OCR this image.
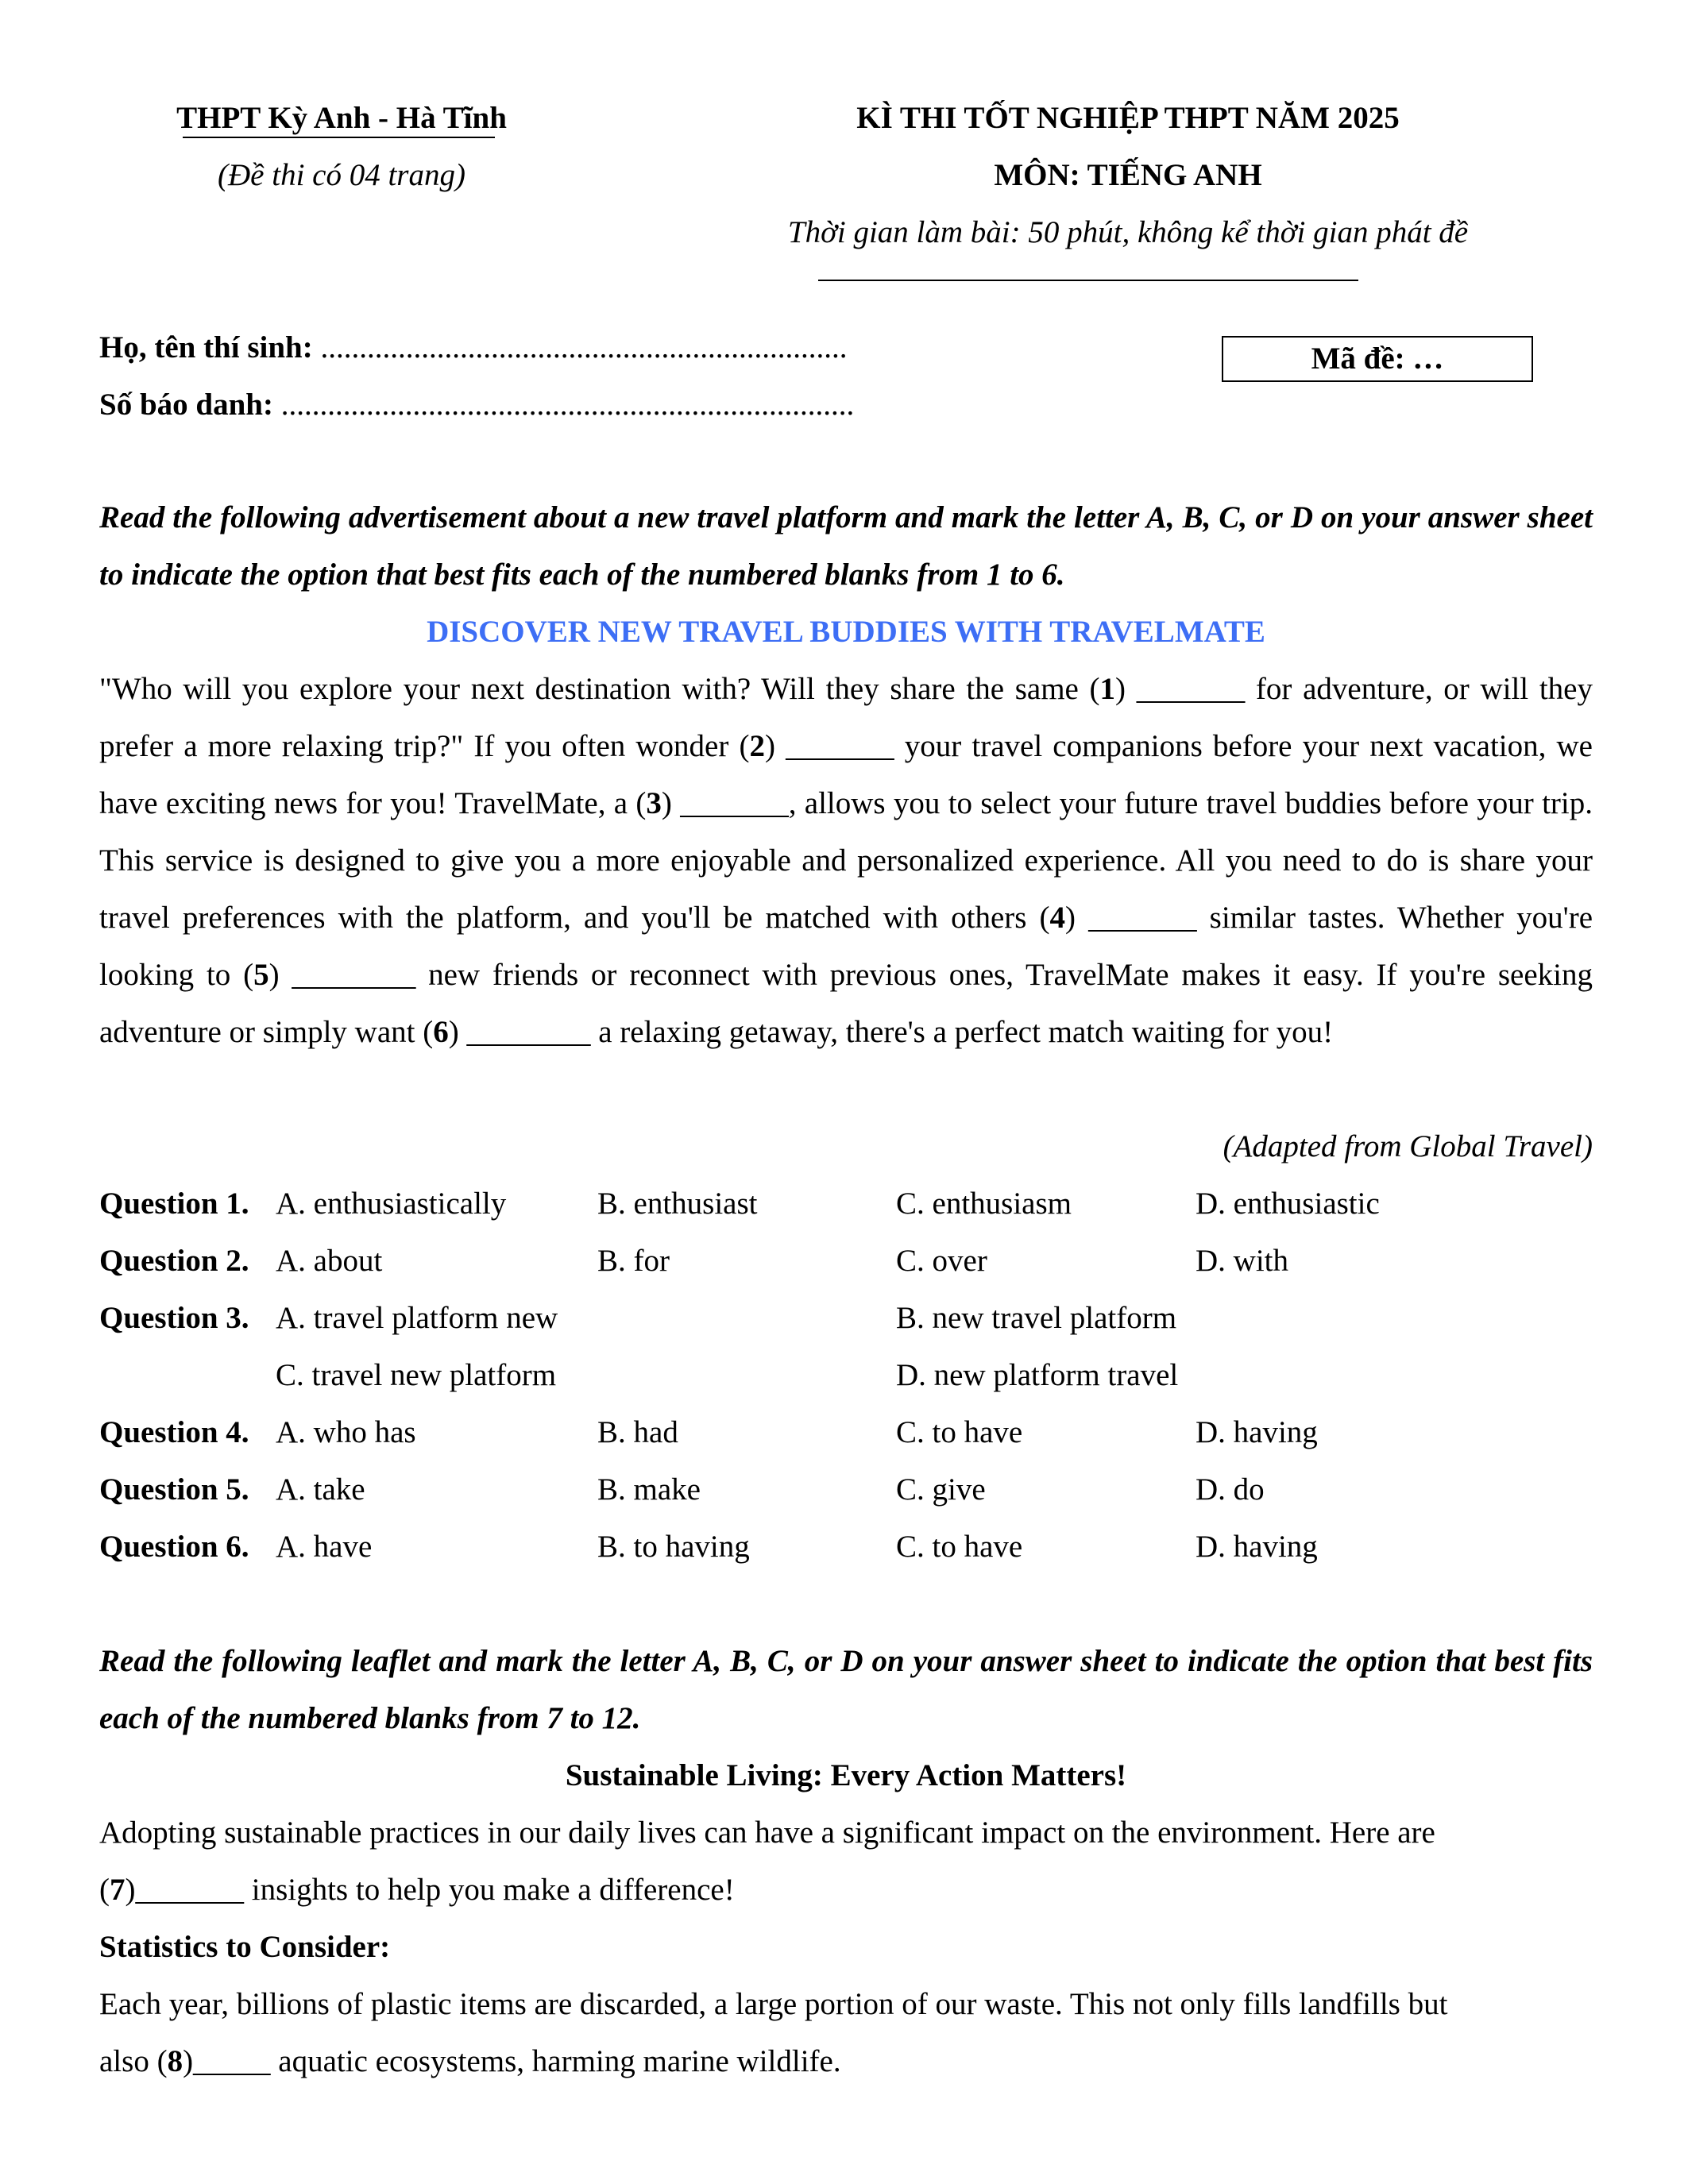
THPT Kỳ Anh - Hà Tĩnh
(Đề thi có 04 trang)
KÌ THI TỐT NGHIỆP THPT NĂM 2025
MÔN: TIẾNG ANH
Thời gian làm bài: 50 phút, không kể thời gian phát đề
Họ, tên thí sinh: ....................................................................
Số báo danh: ..........................................................................
Mã đề: …
Read the following advertisement about a new travel platform and mark the letter A, B, C, or D on your answer sheet to indicate the option that best fits each of the numbered blanks from 1 to 6.
DISCOVER NEW TRAVEL BUDDIES WITH TRAVELMATE
"Who will you explore your next destination with? Will they share the same (1) _______ for adventure, or will they prefer a more relaxing trip?" If you often wonder (2) _______ your travel companions before your next vacation, we have exciting news for you! TravelMate, a (3) _______, allows you to select your future travel buddies before your trip. This service is designed to give you a more enjoyable and personalized experience. All you need to do is share your travel preferences with the platform, and you'll be matched with others (4) _______ similar tastes. Whether you're looking to (5) ________ new friends or reconnect with previous ones, TravelMate makes it easy. If you're seeking adventure or simply want (6) ________ a relaxing getaway, there's a perfect match waiting for you!
(Adapted from Global Travel)
Question 1. A. enthusiastically	B. enthusiast	C. enthusiasm	D. enthusiastic
Question 2. A. about	B. for	C. over	D. with
Question 3. A. travel platform new	B. new travel platform
C. travel new platform	D. new platform travel
Question 4. A. who has	B. had	C. to have	D. having
Question 5. A. take	B. make	C. give	D. do
Question 6. A. have	B. to having	C. to have	D. having
Read the following leaflet and mark the letter A, B, C, or D on your answer sheet to indicate the option that best fits each of the numbered blanks from 7 to 12.
Sustainable Living: Every Action Matters!
Adopting sustainable practices in our daily lives can have a significant impact on the environment. Here are
(7)_______ insights to help you make a difference!
Statistics to Consider:
Each year, billions of plastic items are discarded, a large portion of our waste. This not only fills landfills but
also (8)_____ aquatic ecosystems, harming marine wildlife.
